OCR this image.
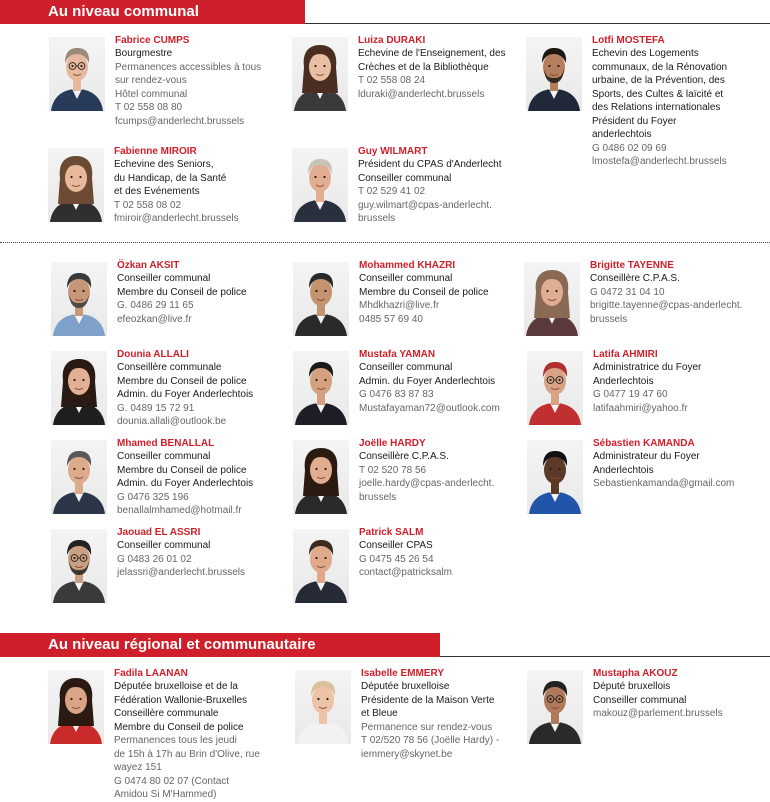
Au niveau communal
Au niveau régional et communautaire
Fabrice CUMPS
Bourgmestre
Permanences accessibles à tous
sur rendez-vous
Hôtel communal
T 02 558 08 80
fcumps@anderlecht.brussels
Luiza DURAKI
Echevine de l'Enseignement, des
Crèches et de la Bibliothèque
T 02 558 08 24
lduraki@anderlecht.brussels
Lotfi MOSTEFA
Echevin des Logements
communaux, de la Rénovation
urbaine, de la Prévention, des
Sports, des Cultes & laïcité et
des Relations internationales
Président du Foyer
anderlechtois
G 0486 02 09 69
lmostefa@anderlecht.brussels
Fabienne MIROIR
Echevine des Seniors,
du Handicap, de la Santé
et des Evénements
T 02 558 08 02
fmiroir@anderlecht.brussels
Guy WILMART
Président du CPAS d'Anderlecht
Conseiller communal
T 02 529 41 02
guy.wilmart@cpas-anderlecht.
brussels
Özkan AKSIT
Conseiller communal
Membre du Conseil de police
G. 0486 29 11 65
efeozkan@live.fr
Mohammed KHAZRI
Conseiller communal
Membre du Conseil de police
Mhdkhazri@live.fr
0485 57 69 40
Brigitte TAYENNE
Conseillère C.P.A.S.
G 0472 31 04 10
brigitte.tayenne@cpas-anderlecht.
brussels
Dounia ALLALI
Conseillère communale
Membre du Conseil de police
Admin. du Foyer Anderlechtois
G. 0489 15 72 91
dounia.allali@outlook.be
Mustafa YAMAN
Conseiller communal
Admin. du Foyer Anderlechtois
G 0476 83 87 83
Mustafayaman72@outlook.com
Latifa AHMIRI
Administratrice du Foyer
Anderlechtois
G 0477 19 47 60
latifaahmiri@yahoo.fr
Mhamed BENALLAL
Conseiller communal
Membre du Conseil de police
Admin. du Foyer Anderlechtois
G 0476 325 196
benallalmhamed@hotmail.fr
Joëlle HARDY
Conseillère C.P.A.S.
T 02 520 78 56
joelle.hardy@cpas-anderlecht.
brussels
Sébastien KAMANDA
Administrateur du Foyer
Anderlechtois
Sebastienkamanda@gmail.com
Jaouad EL ASSRI
Conseiller communal
G 0483 26 01 02
jelassri@anderlecht.brussels
Patrick SALM
Conseiller CPAS
G 0475 45 26 54
contact@patricksalm
Fadila LAANAN
Députée bruxelloise et de la
Fédération Wallonie-Bruxelles
Conseillère communale
Membre du Conseil de police
Permanences tous les jeudi
de 15h à 17h au Brin d'Olive, rue
wayez 151
G 0474 80 02 07 (Contact
Amidou Si M'Hammed)
Isabelle EMMERY
Députée bruxelloise
Présidente de la Maison Verte
et Bleue
Permanence sur rendez-vous
T 02/520 78 56 (Joëlle Hardy) -
iemmery@skynet.be
Mustapha AKOUZ
Député bruxellois
Conseiller communal
makouz@parlement.brussels
